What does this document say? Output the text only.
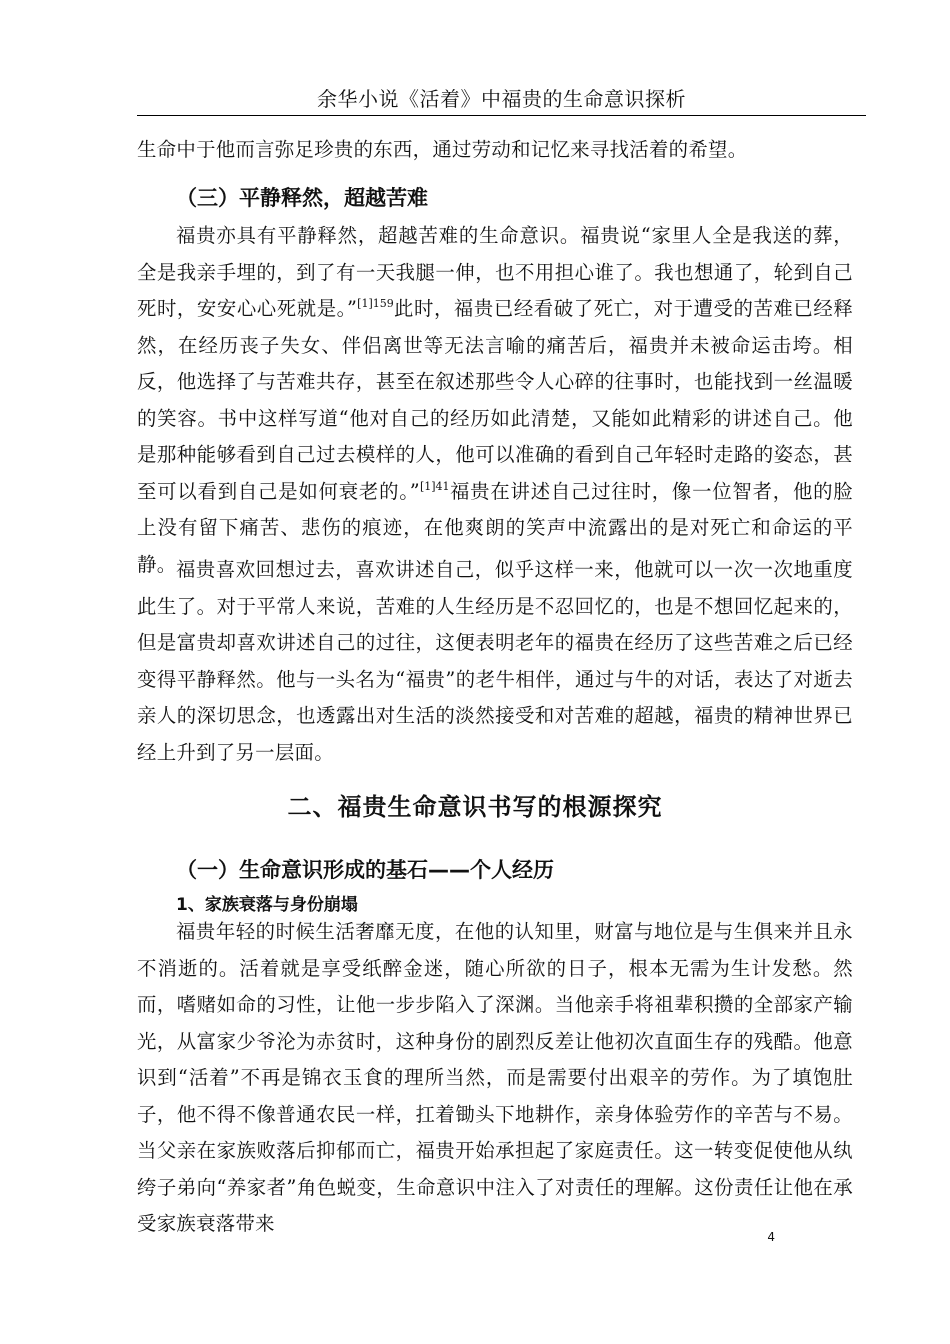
余华小说《活着》中福贵的生命意识探析

生命中于他而言弥足珍贵的东西，通过劳动和记忆来寻找活着的希望。

（三）平静释然，超越苦难

福贵亦具有平静释然，超越苦难的生命意识。福贵说“家里人全是我送的葬，全是我亲手埋的，到了有一天我腿一伸，也不用担心谁了。我也想通了，轮到自己死时，安安心心死就是。”$^{[1]159}$此时，福贵已经看破了死亡，对于遭受的苦难已经释然，在经历丧子失女、伴侣离世等无法言喻的痛苦后，福贵并未被命运击垮。相反，他选择了与苦难共存，甚至在叙述那些令人心碎的往事时，也能找到一丝温暖的笑容。书中这样写道“他对自己的经历如此清楚，又能如此精彩的讲述自己。他是那种能够看到自己过去模样的人，他可以准确的看到自己年轻时走路的姿态，甚至可以看到自己是如何衰老的。”$^{[1]41}$福贵在讲述自己过往时，像一位智者，他的脸上没有留下痛苦、悲伤的痕迹，在他爽朗的笑声中流露出的是对死亡和命运的平静。 福贵喜欢回想过去，喜欢讲述自己，似乎这样一来，他就可以一次一次地重度此生了。对于平常人来说，苦难的人生经历是不忍回忆的，也是不想回忆起来的，但是富贵却喜欢讲述自己的过往，这便表明老年的福贵在经历了这些苦难之后已经变得平静释然。他与一头名为“福贵”的老牛相伴，通过与牛的对话，表达了对逝去亲人的深切思念，也透露出对生活的淡然接受和对苦难的超越，福贵的精神世界已经上升到了另一层面。

二、福贵生命意识书写的根源探究
（一）生命意识形成的基石——个人经历
1、家族衰落与身份崩塌

福贵年轻的时候生活奢靡无度，在他的认知里，财富与地位是与生俱来并且永不消逝的。活着就是享受纸醉金迷，随心所欲的日子，根本无需为生计发愁。然而，嗜赌如命的习性，让他一步步陷入了深渊。当他亲手将祖辈积攒的全部家产输光，从富家少爷沦为赤贫时，这种身份的剧烈反差让他初次直面生存的残酷。他意识到“活着”不再是锦衣玉食的理所当然，而是需要付出艰辛的劳作。为了填饱肚子，他不得不像普通农民一样，扛着锄头下地耕作，亲身体验劳作的辛苦与不易。当父亲在家族败落后抑郁而亡，福贵开始承担起了家庭责任。这一转变促使他从纨绔子弟向“养家者”角色蜕变，生命意识中注入了对责任的理解。这份责任让他在承受家族衰落带来

4
